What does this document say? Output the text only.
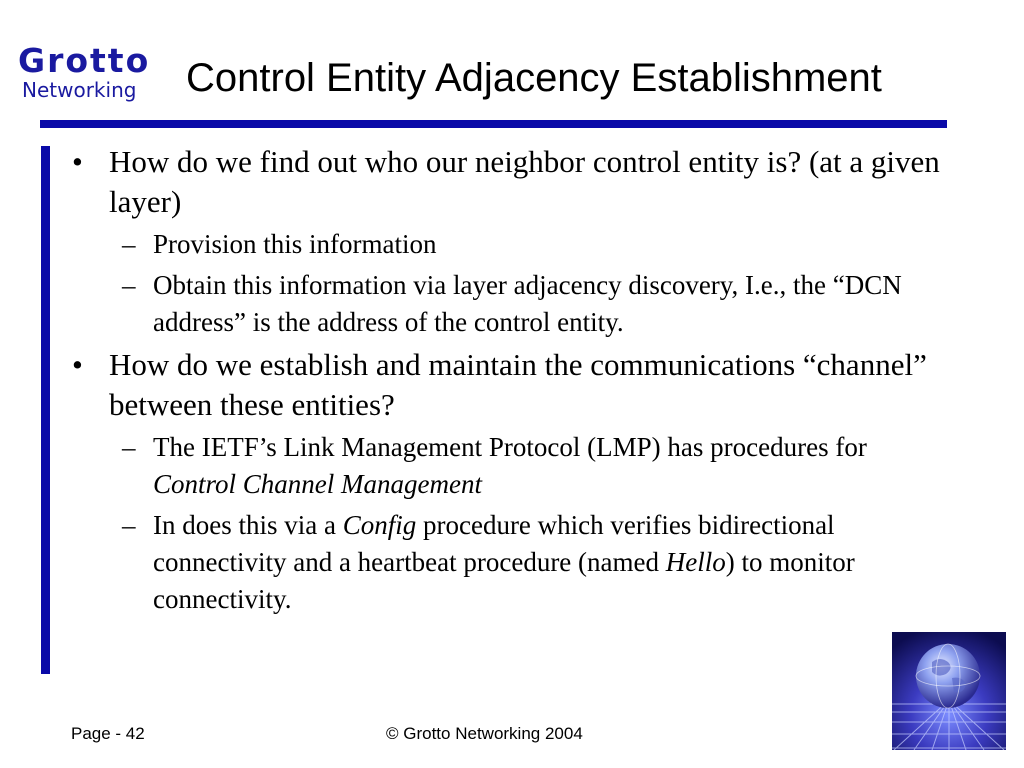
Grotto
Networking	Control Entity Adjacency Establishment
• How do we find out who our neighbor control entity is? (at a given layer)
– Provision this information
– Obtain this information via layer adjacency discovery, I.e., the “DCN address” is the address of the control entity.
• How do we establish and maintain the communications “channel” between these entities?
– The IETF’s Link Management Protocol (LMP) has procedures for Control Channel Management
– In does this via a Config procedure which verifies bidirectional connectivity and a heartbeat procedure (named Hello) to monitor connectivity.
Page - 42	© Grotto Networking 2004
